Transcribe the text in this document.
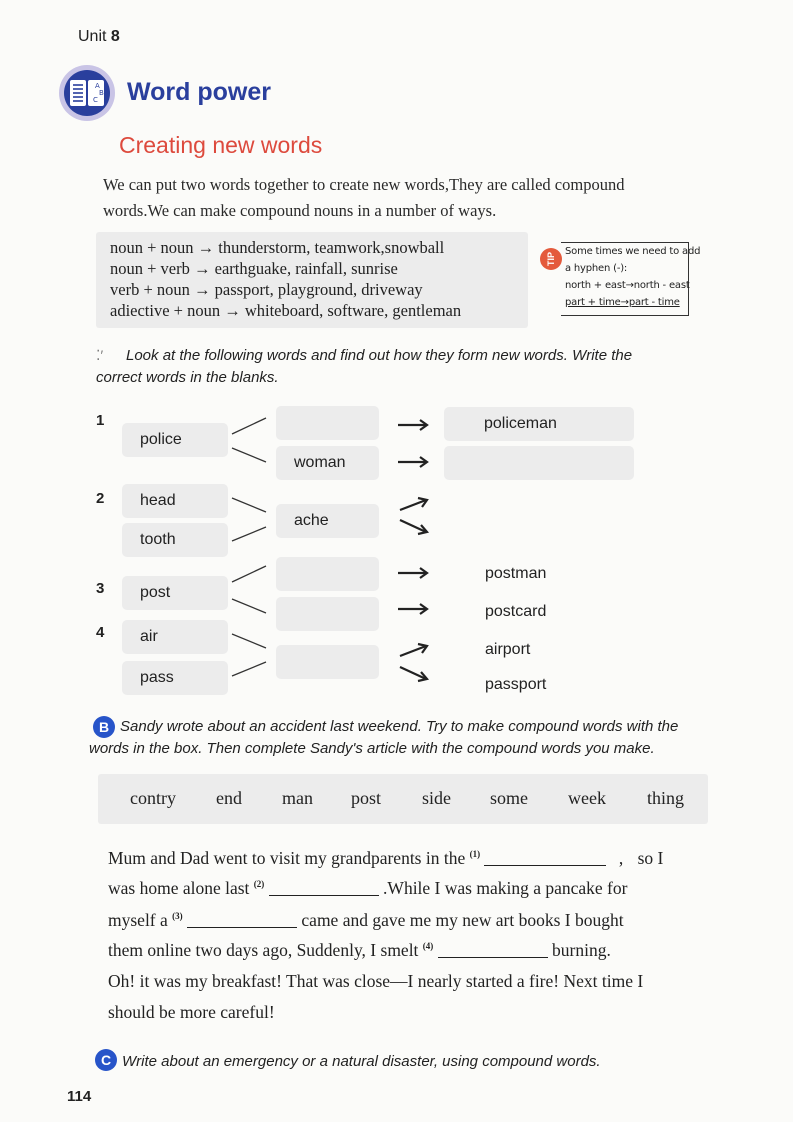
Unit 8
A
B
C Word power
Creating new words
We can put two words together to create new words,They are called compound
words.We can make compound nouns in a number of ways.
noun + noun → thunderstorm, teamwork,snowball
noun + verb → earthguake, rainfall, sunrise
verb + noun → passport, playground, driveway
adiective + noun → whiteboard, software, gentleman
TIP
Some times we need to add
a hyphen (-):
north + east→north - east
part + time→part - time
⁚′ Look at the following words and find out how they form new words. Write the
correct words in the blanks.
1
2
3
4
police
head
tooth
post
air
pass
woman
ache
policeman
postman
postcard
airport
passport
B Sandy wrote about an accident last weekend. Try to make compound words with the
words in the box. Then complete Sandy's article with the compound words you make.
contry end man post side some week thing
Mum and Dad went to visit my grandparents in the $^{(1)}$	, so I
was home alone last $^{(2)}$	.While I was making a pancake for
myself a $^{(3)}$	came and gave me my new art books I bought
them online two days ago, Suddenly, I smelt $^{(4)}$	burning.
Oh! it was my breakfast! That was close—I nearly started a fire! Next time I
should be more careful!
C Write about an emergency or a natural disaster, using compound words.
114
